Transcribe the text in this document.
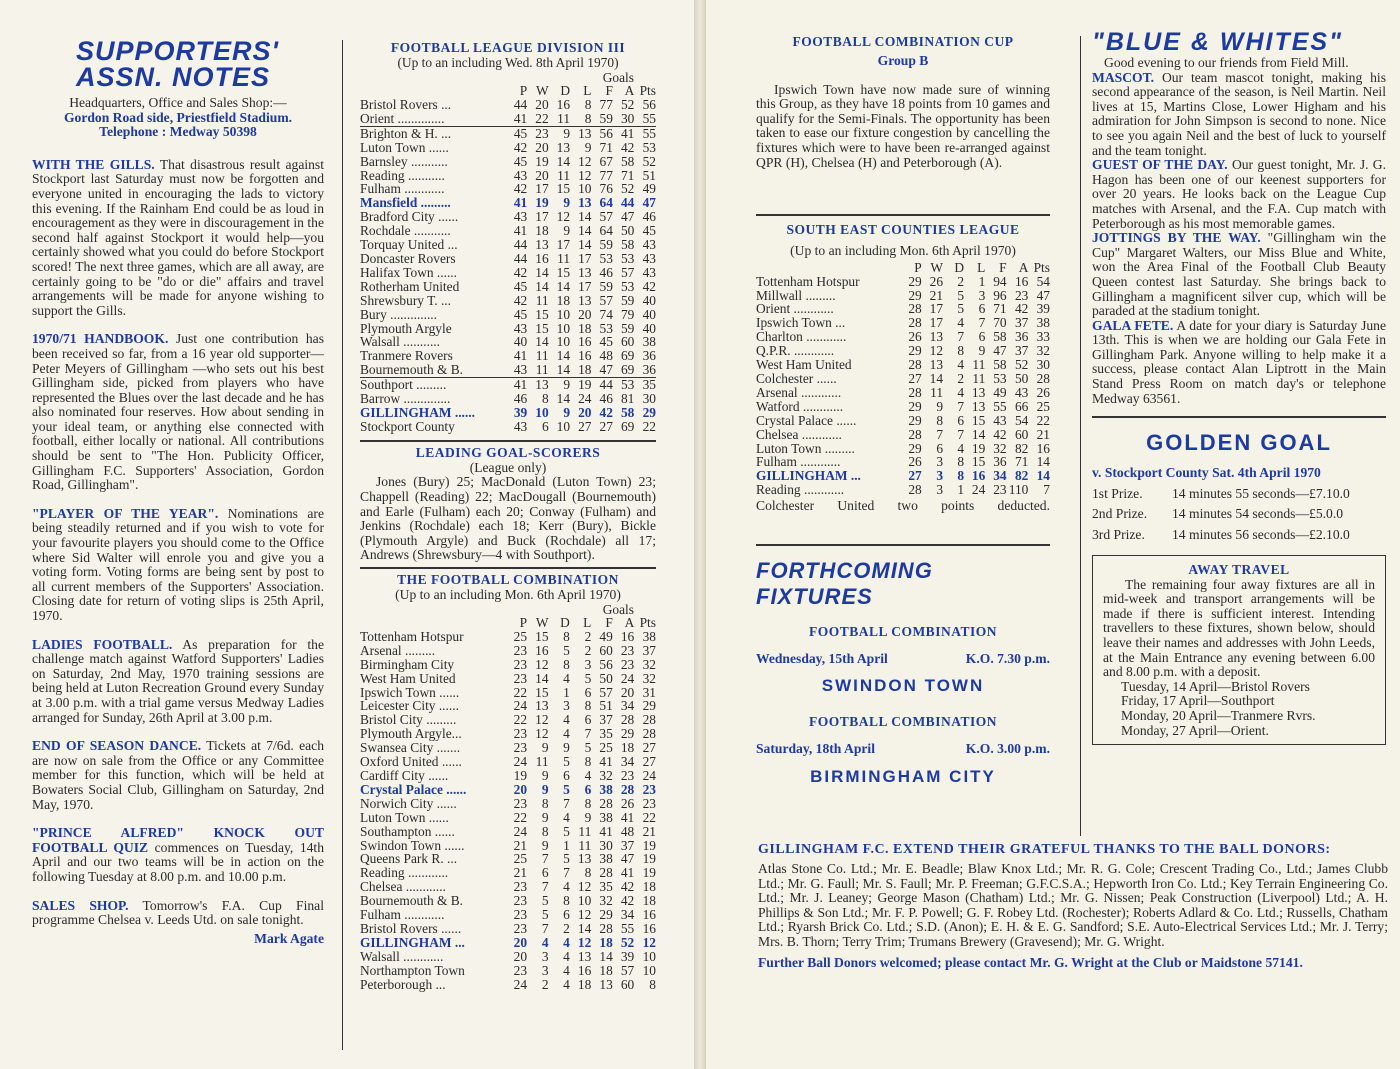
SUPPORTERS'
ASSN. NOTES
Headquarters, Office and Sales Shop:—
Gordon Road side, Priestfield Stadium.
Telephone : Medway 50398
WITH THE GILLS. That disastrous result against Stockport last Saturday must now be forgotten and everyone united in encouraging the lads to victory this evening. If the Rainham End could be as loud in encouragement as they were in discouragement in the second half against Stockport it would help—you certainly showed what you could do before Stockport scored! The next three games, which are all away, are certainly going to be "do or die" affairs and travel arrangements will be made for anyone wishing to support the Gills.
1970/71 HANDBOOK. Just one contribution has been received so far, from a 16 year old supporter—Peter Meyers of Gillingham —who sets out his best Gillingham side, picked from players who have represented the Blues over the last decade and he has also nominated four reserves. How about sending in your ideal team, or anything else connected with football, either locally or national. All contributions should be sent to "The Hon. Publicity Officer, Gillingham F.C. Supporters' Association, Gordon Road, Gillingham".
"PLAYER OF THE YEAR". Nominations are being steadily returned and if you wish to vote for your favourite players you should come to the Office where Sid Walter will enrole you and give you a voting form. Voting forms are being sent by post to all current members of the Supporters' Association. Closing date for return of voting slips is 25th April, 1970.
LADIES FOOTBALL. As preparation for the challenge match against Watford Supporters' Ladies on Saturday, 2nd May, 1970 training sessions are being held at Luton Recreation Ground every Sunday at 3.00 p.m. with a trial game versus Medway Ladies arranged for Sunday, 26th April at 3.00 p.m.
END OF SEASON DANCE. Tickets at 7/6d. each are now on sale from the Office or any Committee member for this function, which will be held at Bowaters Social Club, Gillingham on Saturday, 2nd May, 1970.
"PRINCE ALFRED" KNOCK OUT FOOTBALL QUIZ commences on Tuesday, 14th April and our two teams will be in action on the following Tuesday at 8.00 p.m. and 10.00 p.m.
SALES SHOP. Tomorrow's F.A. Cup Final programme Chelsea v. Leeds Utd. on sale tonight.
Mark Agate
FOOTBALL LEAGUE DIVISION III
(Up to an including Wed. 8th April 1970)
Goals
	P	W	D	L	F	A	Pts
Bristol Rovers ...	44	20	16	8	77	52	56
Orient ..............	41	22	11	8	59	30	55
Brighton & H. ...	45	23	9	13	56	41	55
Luton Town ......	42	20	13	9	71	42	53
Barnsley ...........	45	19	14	12	67	58	52
Reading ...........	43	20	11	12	77	71	51
Fulham ............	42	17	15	10	76	52	49
Mansfield .........	41	19	9	13	64	44	47
Bradford City ......	43	17	12	14	57	47	46
Rochdale ...........	41	18	9	14	64	50	45
Torquay United ...	44	13	17	14	59	58	43
Doncaster Rovers	44	16	11	17	53	53	43
Halifax Town ......	42	14	15	13	46	57	43
Rotherham United	45	14	14	17	59	53	42
Shrewsbury T. ...	42	11	18	13	57	59	40
Bury ..............	45	15	10	20	74	79	40
Plymouth Argyle	43	15	10	18	53	59	40
Walsall ...........	40	14	10	16	45	60	38
Tranmere Rovers	41	11	14	16	48	69	36
Bournemouth & B.	43	11	14	18	47	69	36
Southport .........	41	13	9	19	44	53	35
Barrow ..............	46	8	14	24	46	81	30
GILLINGHAM ......	39	10	9	20	42	58	29
Stockport County	43	6	10	27	27	69	22
LEADING GOAL-SCORERS
(League only)
Jones (Bury) 25; MacDonald (Luton Town) 23; Chappell (Reading) 22; MacDougall (Bournemouth) and Earle (Fulham) each 20; Conway (Fulham) and Jenkins (Rochdale) each 18; Kerr (Bury), Bickle (Plymouth Argyle) and Buck (Rochdale) all 17; Andrews (Shrewsbury—4 with Southport).
THE FOOTBALL COMBINATION
(Up to an including Mon. 6th April 1970)
Goals
	P	W	D	L	F	A	Pts
Tottenham Hotspur	25	15	8	2	49	16	38
Arsenal .........	23	16	5	2	60	23	37
Birmingham City	23	12	8	3	56	23	32
West Ham United	23	14	4	5	50	24	32
Ipswich Town ......	22	15	1	6	57	20	31
Leicester City ......	24	13	3	8	51	34	29
Bristol City .........	22	12	4	6	37	28	28
Plymouth Argyle...	23	12	4	7	35	29	28
Swansea City .......	23	9	9	5	25	18	27
Oxford United ......	24	11	5	8	41	34	27
Cardiff City ......	19	9	6	4	32	23	24
Crystal Palace ......	20	9	5	6	38	28	23
Norwich City ......	23	8	7	8	28	26	23
Luton Town ......	22	9	4	9	38	41	22
Southampton ......	24	8	5	11	41	48	21
Swindon Town ......	21	9	1	11	30	37	19
Queens Park R. ...	25	7	5	13	38	47	19
Reading ............	21	6	7	8	28	41	19
Chelsea ............	23	7	4	12	35	42	18
Bournemouth & B.	23	5	8	10	32	42	18
Fulham ............	23	5	6	12	29	34	16
Bristol Rovers ......	23	7	2	14	28	55	16
GILLINGHAM ...	20	4	4	12	18	52	12
Walsall ............	20	3	4	13	14	39	10
Northampton Town	23	3	4	16	18	57	10
Peterborough ...	24	2	4	18	13	60	8
FOOTBALL COMBINATION CUP
Group B
Ipswich Town have now made sure of winning this Group, as they have 18 points from 10 games and qualify for the Semi-Finals. The opportunity has been taken to ease our fixture congestion by cancelling the fixtures which were to have been re-arranged against QPR (H), Chelsea (H) and Peterborough (A).
SOUTH EAST COUNTIES LEAGUE
(Up to an including Mon. 6th April 1970)
	P	W	D	L	F	A	Pts
Tottenham Hotspur	29	26	2	1	94	16	54
Millwall .........	29	21	5	3	96	23	47
Orient ............	28	17	5	6	71	42	39
Ipswich Town ...	28	17	4	7	70	37	38
Charlton ............	26	13	7	6	58	36	33
Q.P.R. ............	29	12	8	9	47	37	32
West Ham United	28	13	4	11	58	52	30
Colchester ......	27	14	2	11	53	50	28
Arsenal ............	28	11	4	13	49	43	26
Watford ............	29	9	7	13	55	66	25
Crystal Palace ......	29	8	6	15	43	54	22
Chelsea ............	28	7	7	14	42	60	21
Luton Town .........	29	6	4	19	32	82	16
Fulham ............	26	3	8	15	36	71	14
GILLINGHAM ...	27	3	8	16	34	82	14
Reading ............	28	3	1	24	23	110	7
Colchester United two points deducted.
FORTHCOMING FIXTURES
FOOTBALL COMBINATION
Wednesday, 15th April	K.O. 7.30 p.m.
SWINDON TOWN
FOOTBALL COMBINATION
Saturday, 18th April	K.O. 3.00 p.m.
BIRMINGHAM CITY
"BLUE & WHITES"
Good evening to our friends from Field Mill.
MASCOT. Our team mascot tonight, making his second appearance of the season, is Neil Martin. Neil lives at 15, Martins Close, Lower Higham and his admiration for John Simpson is second to none. Nice to see you again Neil and the best of luck to yourself and the team tonight.
GUEST OF THE DAY. Our guest tonight, Mr. J. G. Hagon has been one of our keenest supporters for over 20 years. He looks back on the League Cup matches with Arsenal, and the F.A. Cup match with Peterborough as his most memorable games.
JOTTINGS BY THE WAY. "Gillingham win the Cup" Margaret Walters, our Miss Blue and White, won the Area Final of the Football Club Beauty Queen contest last Saturday. She brings back to Gillingham a magnificent silver cup, which will be paraded at the stadium tonight.
GALA FETE. A date for your diary is Saturday June 13th. This is when we are holding our Gala Fete in Gillingham Park. Anyone willing to help make it a success, please contact Alan Liptrott in the Main Stand Press Room on match day's or telephone Medway 63561.
GOLDEN GOAL
v. Stockport County Sat. 4th April 1970
1st Prize.	14 minutes 55 seconds—£7.10.0
2nd Prize.	14 minutes 54 seconds—£5.0.0
3rd Prize.	14 minutes 56 seconds—£2.10.0
AWAY TRAVEL
The remaining four away fixtures are all in mid-week and transport arrangements will be made if there is sufficient interest. Intending travellers to these fixtures, shown below, should leave their names and addresses with John Leeds, at the Main Entrance any evening between 6.00 and 8.00 p.m. with a deposit.
Tuesday, 14 April—Bristol Rovers
Friday, 17 April—Southport
Monday, 20 April—Tranmere Rvrs.
Monday, 27 April—Orient.
GILLINGHAM F.C. EXTEND THEIR GRATEFUL THANKS TO THE BALL DONORS:
Atlas Stone Co. Ltd.; Mr. E. Beadle; Blaw Knox Ltd.; Mr. R. G. Cole; Crescent Trading Co., Ltd.; James Clubb Ltd.; Mr. G. Faull; Mr. S. Faull; Mr. P. Freeman; G.F.C.S.A.; Hepworth Iron Co. Ltd.; Key Terrain Engineering Co. Ltd.; Mr. J. Leaney; George Mason (Chatham) Ltd.; Mr. G. Nissen; Peak Construction (Liverpool) Ltd.; A. H. Phillips & Son Ltd.; Mr. F. P. Powell; G. F. Robey Ltd. (Rochester); Roberts Adlard & Co. Ltd.; Russells, Chatham Ltd.; Ryarsh Brick Co. Ltd.; S.D. (Anon); E. H. & E. G. Sandford; S.E. Auto-Electrical Services Ltd.; Mr. J. Terry; Mrs. B. Thorn; Terry Trim; Trumans Brewery (Gravesend); Mr. G. Wright.
Further Ball Donors welcomed; please contact Mr. G. Wright at the Club or Maidstone 57141.
